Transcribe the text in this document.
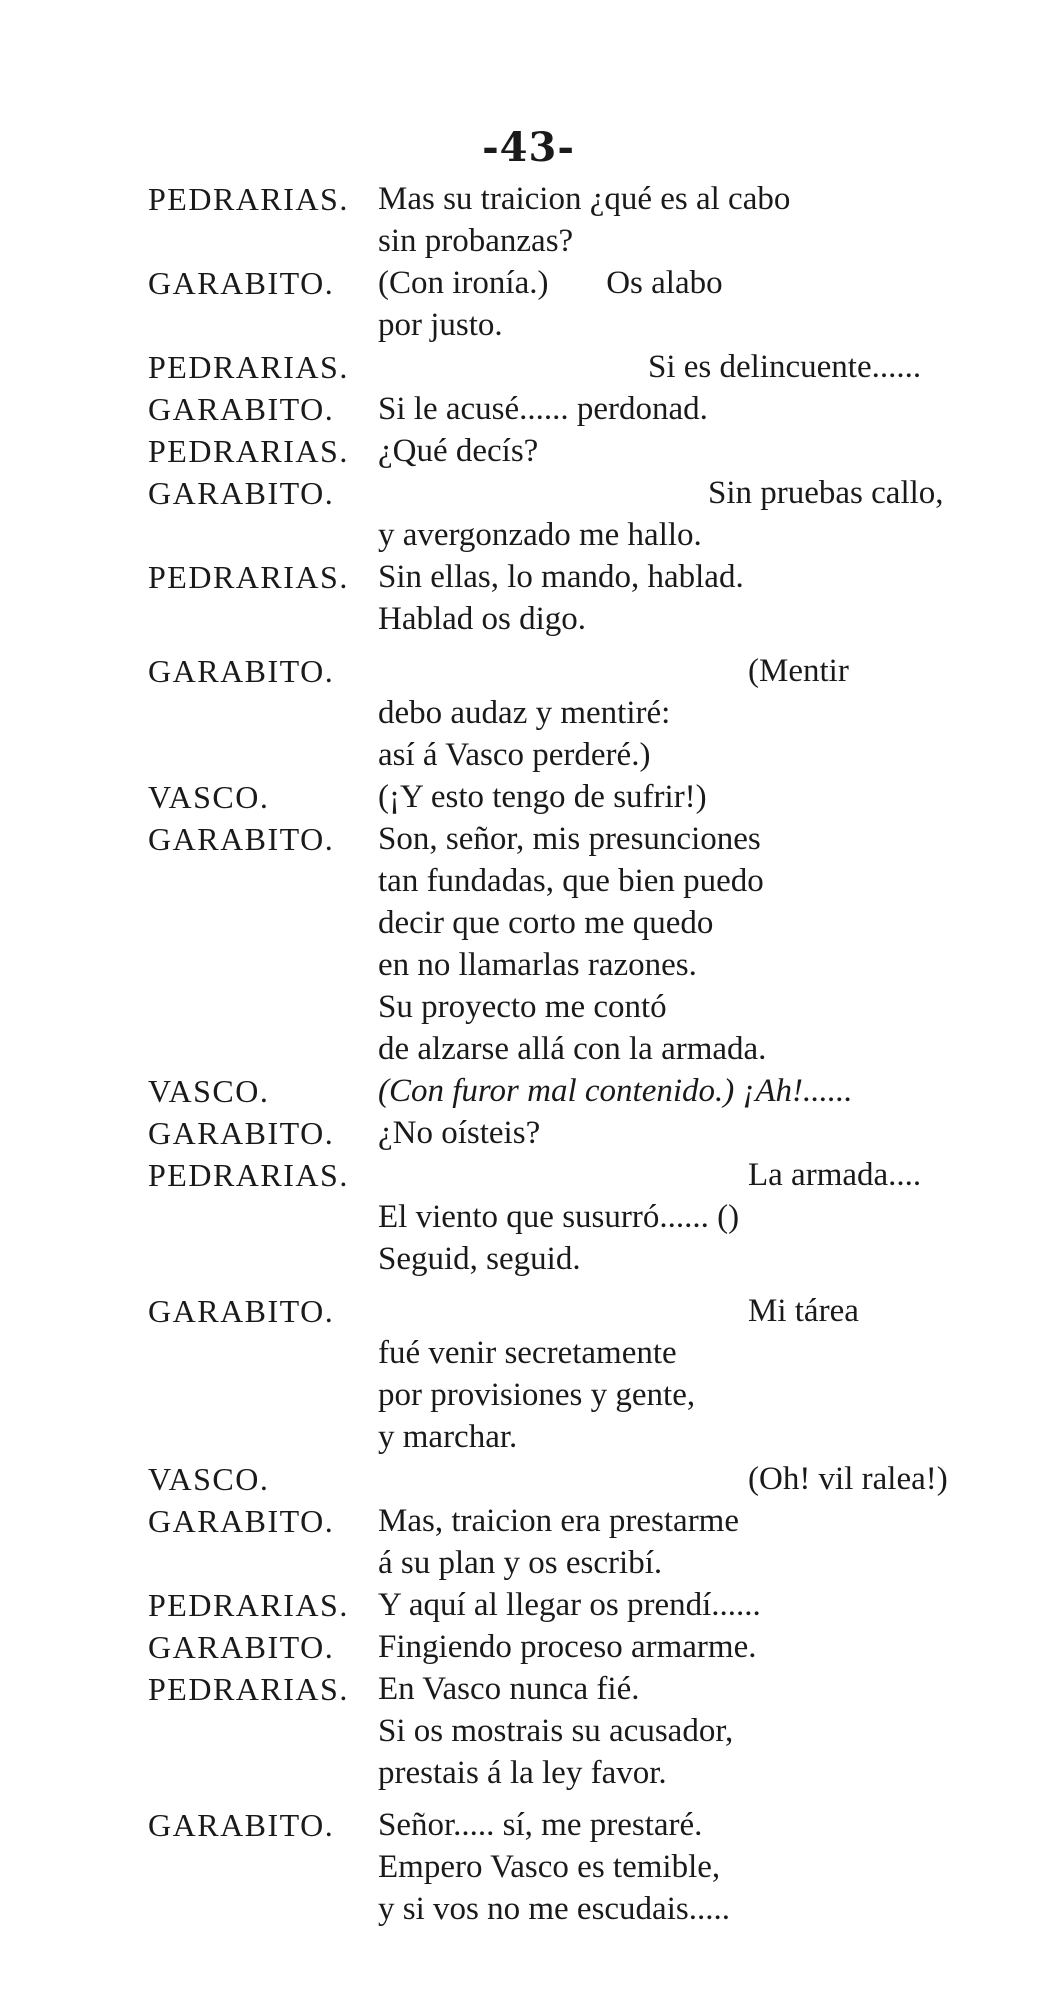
-43-
PEDRARIAS. Mas su traicion ¿qué es al cabo
sin probanzas?
GARABITO. (Con ironía.)       Os alabo
por justo.
PEDRARIAS.	Si es delincuente......
GARABITO. Si le acusé...... perdonad.
PEDRARIAS. ¿Qué decís?
GARABITO.	Sin pruebas callo,
y avergonzado me hallo.
PEDRARIAS. Sin ellas, lo mando, hablad.
Hablad os digo.
GARABITO.	(Mentir
debo audaz y mentiré:
así á Vasco perderé.)
VASCO.	(¡Y esto tengo de sufrir!)
GARABITO. Son, señor, mis presunciones
tan fundadas, que bien puedo
decir que corto me quedo
en no llamarlas razones.
Su proyecto me contó
de alzarse allá con la armada.
VASCO.	(Con furor mal contenido.) ¡Ah!......
GARABITO. ¿No oísteis?
PEDRARIAS.	La armada....
El viento que susurró...... ()
Seguid, seguid.
GARABITO.	Mi tárea
fué venir secretamente
por provisiones y gente,
y marchar.
VASCO.	(Oh! vil ralea!)
GARABITO. Mas, traicion era prestarme
á su plan y os escribí.
PEDRARIAS. Y aquí al llegar os prendí......
GARABITO. Fingiendo proceso armarme.
PEDRARIAS. En Vasco nunca fié.
Si os mostrais su acusador,
prestais á la ley favor.
GARABITO. Señor..... sí, me prestaré.
Empero Vasco es temible,
y si vos no me escudais.....
